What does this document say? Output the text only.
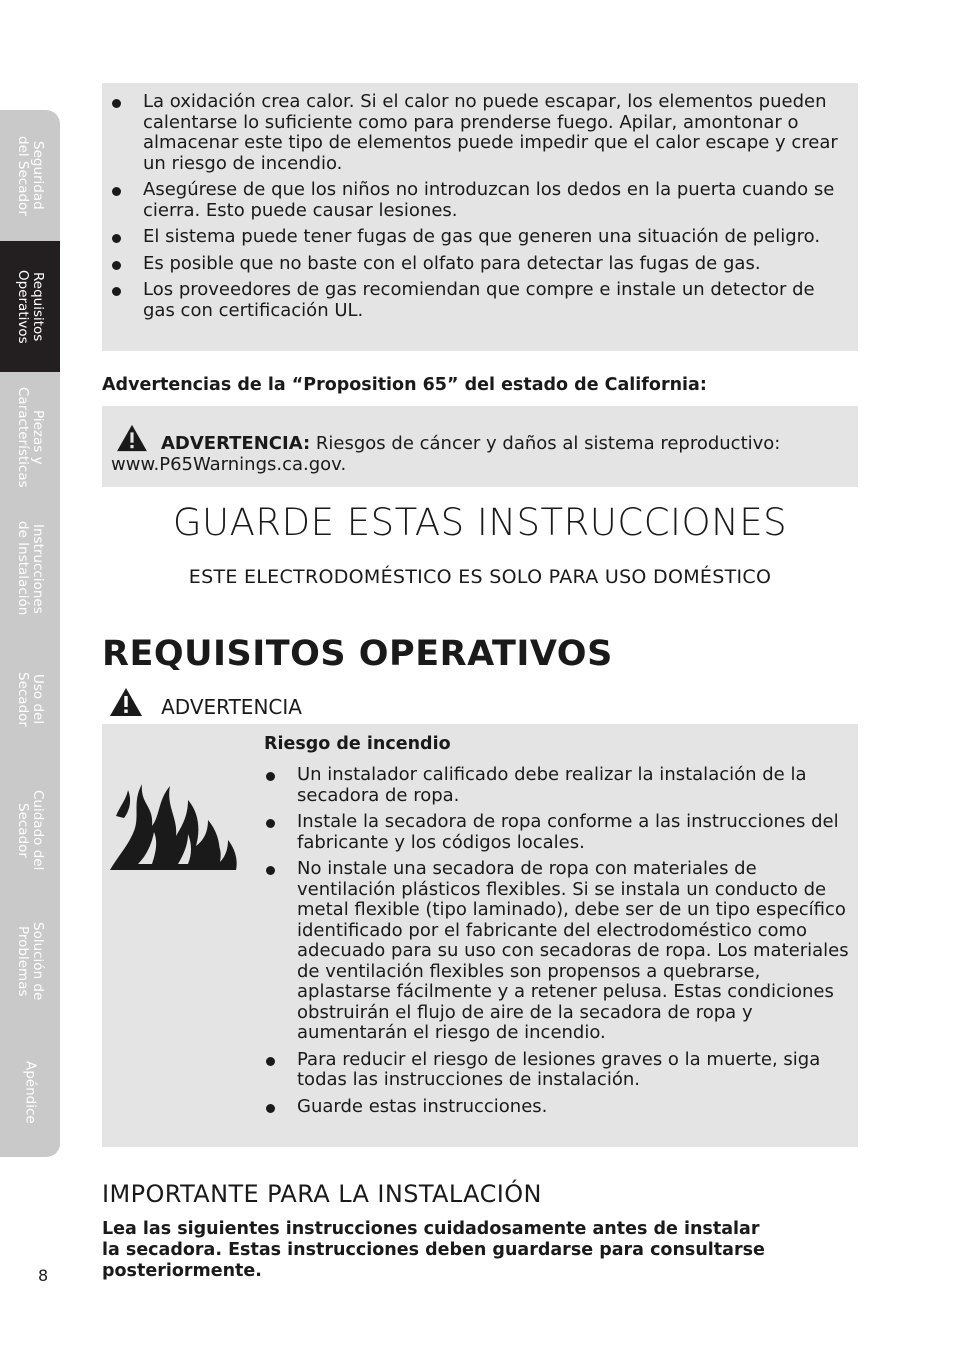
Seguridad
del Secador
Requisitos
Operativos
Piezas y
Características
Instrucciones
de Instalación
Uso del
Secador
Cuidado del
Secador
Solución de
Problemas
Apéndice
La oxidación crea calor. Si el calor no puede escapar, los elementos pueden calentarse lo suficiente como para prenderse fuego. Apilar, amontonar o almacenar este tipo de elementos puede impedir que el calor escape y crear un riesgo de incendio.
Asegúrese de que los niños no introduzcan los dedos en la puerta cuando se cierra. Esto puede causar lesiones.
El sistema puede tener fugas de gas que generen una situación de peligro.
Es posible que no baste con el olfato para detectar las fugas de gas.
Los proveedores de gas recomiendan que compre e instale un detector de gas con certificación UL.
Advertencias de la “Proposition 65” del estado de California:
ADVERTENCIA: Riesgos de cáncer y daños al sistema reproductivo: www.P65Warnings.ca.gov.
GUARDE ESTAS INSTRUCCIONES
ESTE ELECTRODOMÉSTICO ES SOLO PARA USO DOMÉSTICO
REQUISITOS OPERATIVOS
ADVERTENCIA
Riesgo de incendio
Un instalador calificado debe realizar la instalación de la secadora de ropa.
Instale la secadora de ropa conforme a las instrucciones del fabricante y los códigos locales.
No instale una secadora de ropa con materiales de ventilación plásticos flexibles. Si se instala un conducto de metal flexible (tipo laminado), debe ser de un tipo específico identificado por el fabricante del electrodoméstico como adecuado para su uso con secadoras de ropa. Los materiales de ventilación flexibles son propensos a quebrarse, aplastarse fácilmente y a retener pelusa. Estas condiciones obstruirán el flujo de aire de la secadora de ropa y aumentarán el riesgo de incendio.
Para reducir el riesgo de lesiones graves o la muerte, siga todas las instrucciones de instalación.
Guarde estas instrucciones.
IMPORTANTE PARA LA INSTALACIÓN
Lea las siguientes instrucciones cuidadosamente antes de instalar la secadora. Estas instrucciones deben guardarse para consultarse posteriormente.
8
